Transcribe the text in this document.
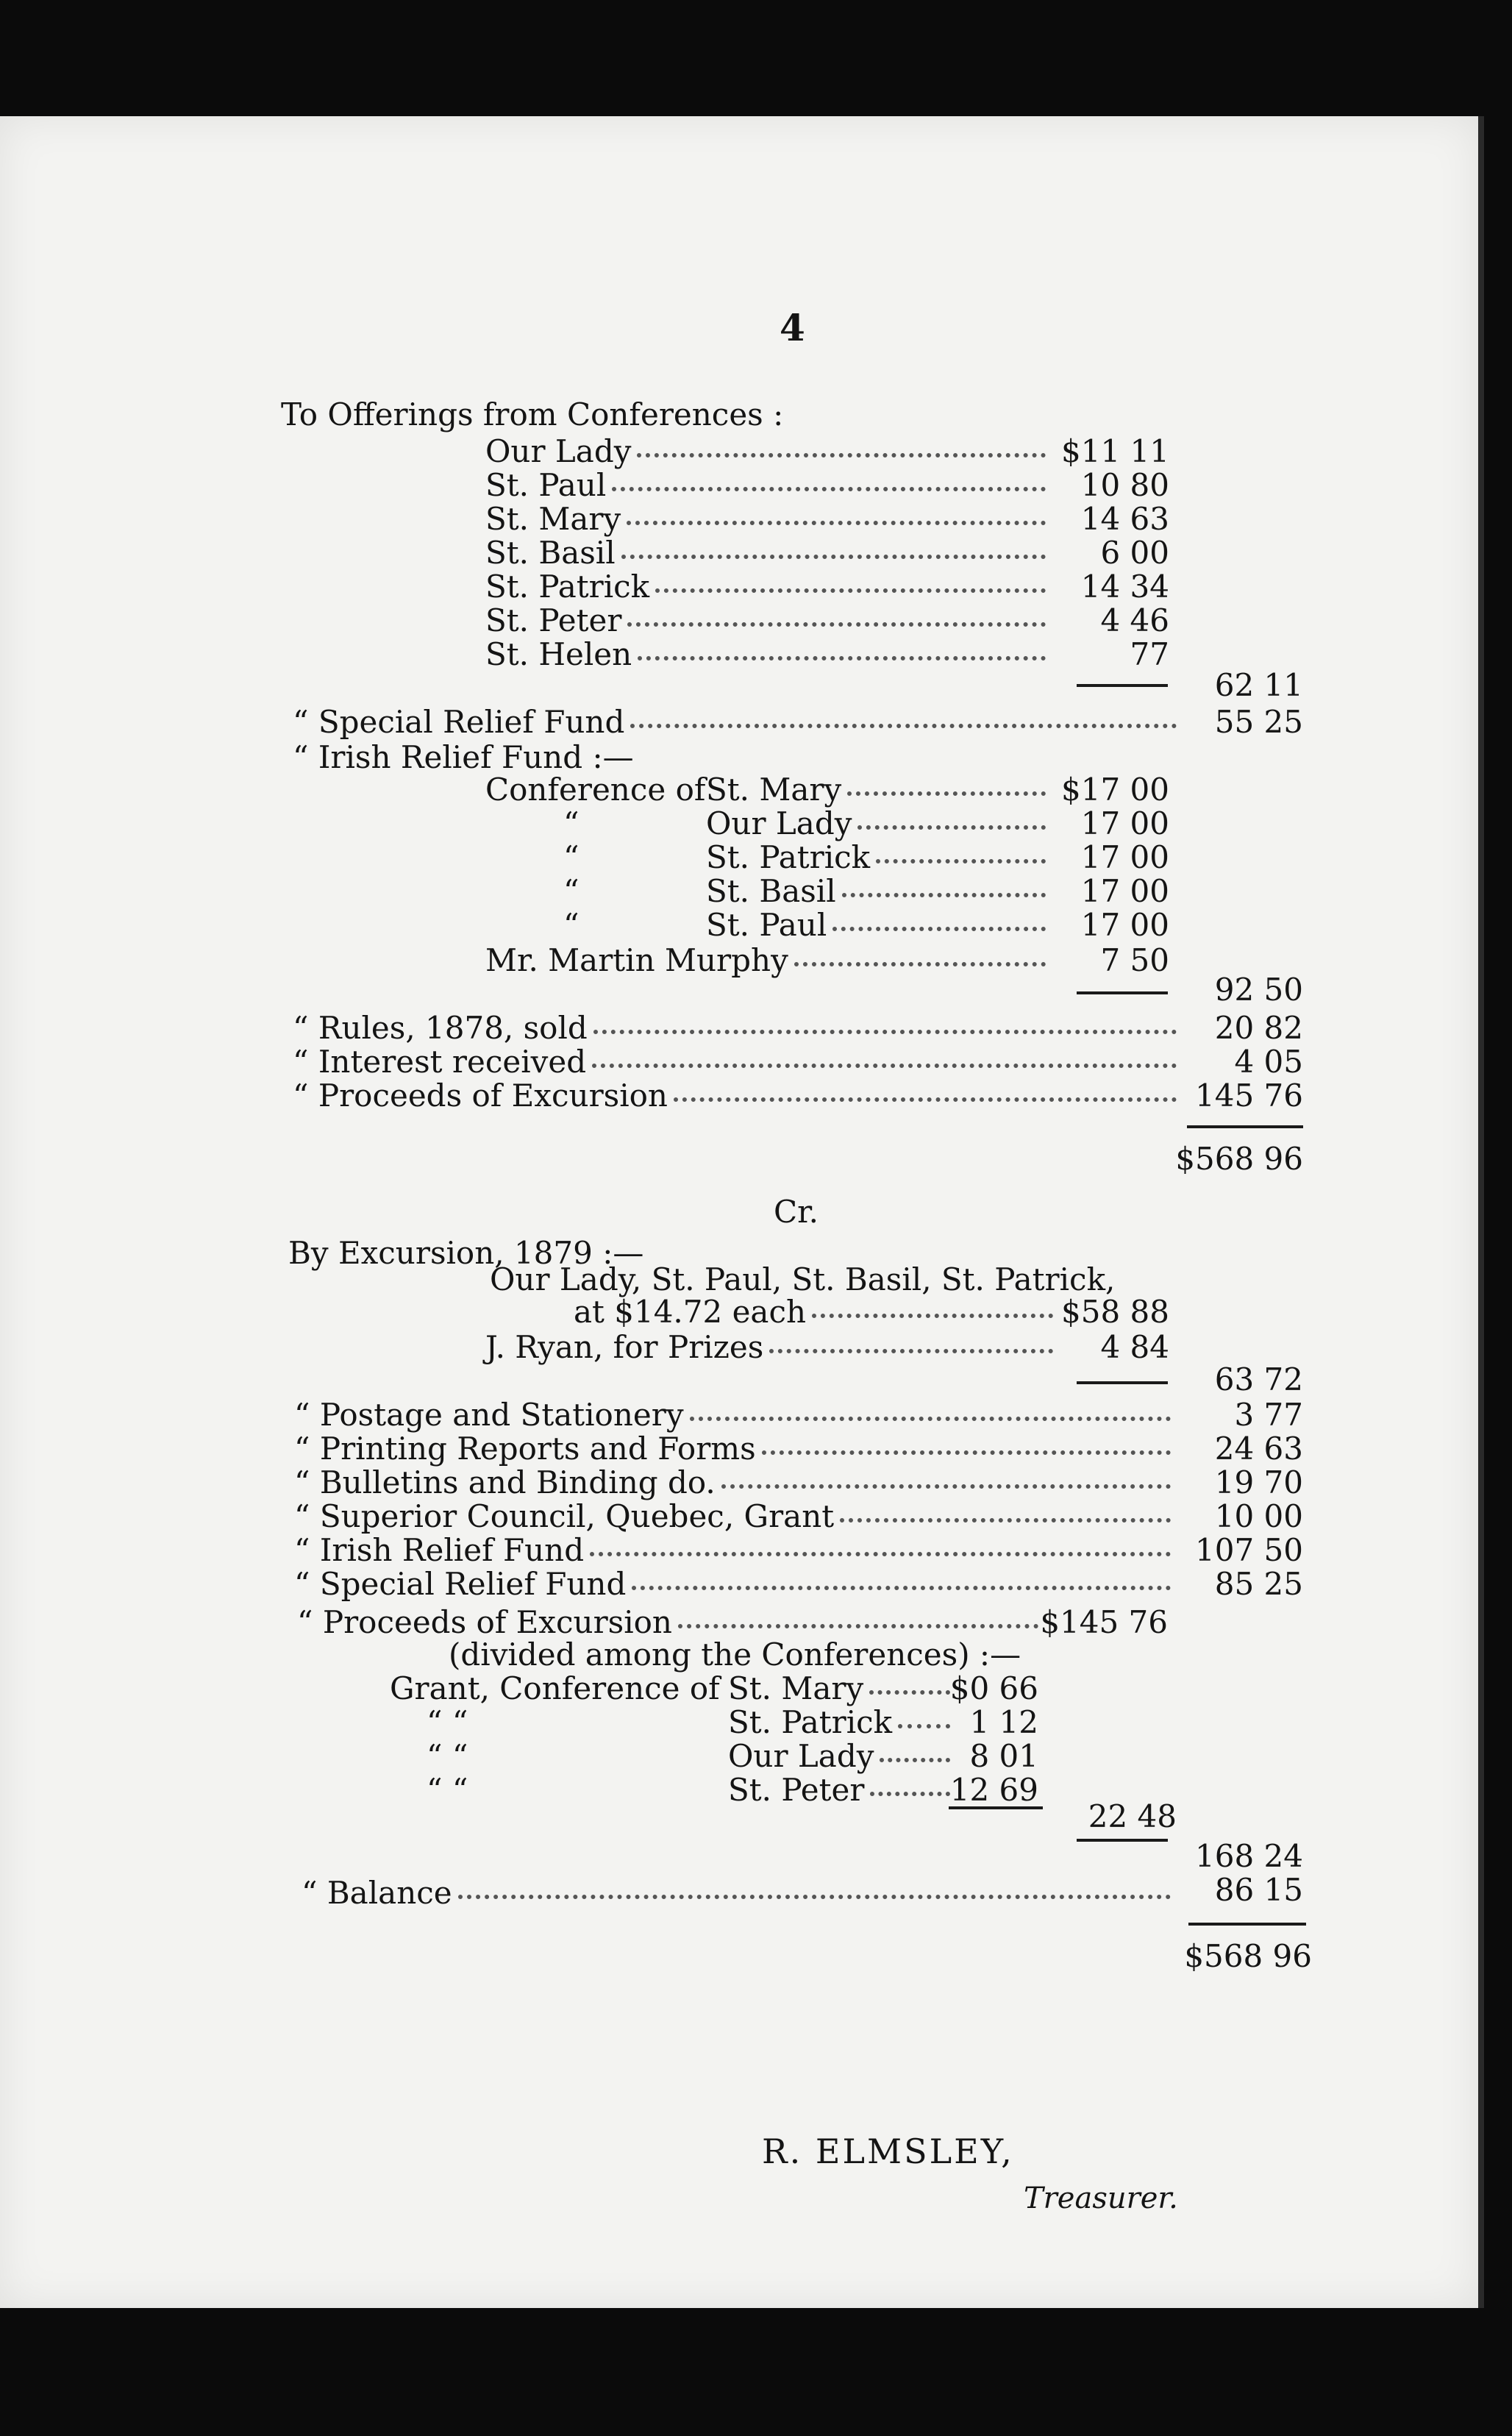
4
To Offerings from Conferences :
Our Lady	$11 11
St. Paul	10 80
St. Mary	14 63
St. Basil	6 00
St. Patrick	14 34
St. Peter	4 46
St. Helen	77
62 11
“ Special Relief Fund	55 25
“ Irish Relief Fund :—
Conference of St. Mary	$17 00
“	Our Lady	17 00
“	St. Patrick	17 00
“	St. Basil	17 00
“	St. Paul	17 00
Mr. Martin Murphy	7 50
92 50
“ Rules, 1878, sold	20 82
“ Interest received	4 05
“ Proceeds of Excursion	145 76
$568 96
Cr.
By Excursion, 1879 :—
Our Lady, St. Paul, St. Basil, St. Patrick,
at $14.72 each	$58 88
J. Ryan, for Prizes	4 84
63 72
“ Postage and Stationery	3 77
“ Printing Reports and Forms	24 63
“ Bulletins and Binding do.	19 70
“ Superior Council, Quebec, Grant	10 00
“ Irish Relief Fund	107 50
“ Special Relief Fund	85 25
“ Proceeds of Excursion	$145 76
(divided among the Conferences) :—
Grant, Conference of St. Mary	$0 66
“ “	St. Patrick	1 12
“ “	Our Lady	8 01
“ “	St. Peter	12 69
22 48
168 24
“ Balance	86 15
$568 96
R. ELMSLEY,
Treasurer.
